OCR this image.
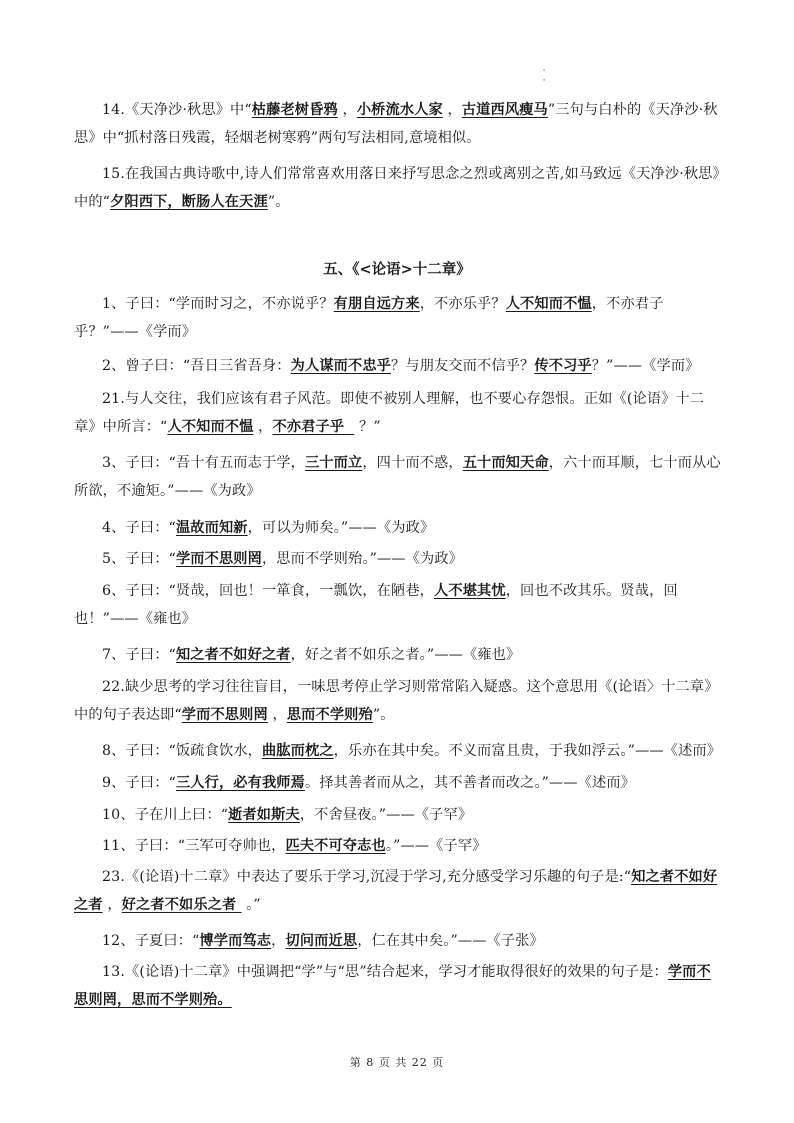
·
·

14.《天净沙·秋思》中“枯藤老树昏鸦 ，小桥流水人家 ，古道西风瘦马”三句与白朴的《天净沙·秋思》中“抓村落日残霞，轻烟老树寒鸦”两句写法相同,意境相似。

15.在我国古典诗歌中,诗人们常常喜欢用落日来抒写思念之烈或离别之苦,如马致远《天净沙·秋思》中的“夕阳西下，断肠人在天涯”。

五、《<论语>十二章》

1、子曰：“学而时习之，不亦说乎？有朋自远方来，不亦乐乎？人不知而不愠，不亦君子乎？”——《学而》

2、曾子曰：“吾日三省吾身：为人谋而不忠乎？与朋友交而不信乎？传不习乎？”——《学而》

21.与人交往，我们应该有君子风范。即使不被别人理解，也不要心存怨恨。正如《(论语》十二章》中所言：“人不知而不愠 ，不亦君子乎   ？”

3、子曰：“吾十有五而志于学，三十而立，四十而不惑，五十而知天命，六十而耳顺，七十而从心所欲，不逾矩。”——《为政》

4、子曰：“温故而知新，可以为师矣。”——《为政》

5、子曰：“学而不思则罔，思而不学则殆。”——《为政》

6、子曰：“贤哉，回也！一箪食，一瓢饮，在陋巷，人不堪其忧，回也不改其乐。贤哉，回也！”——《雍也》

7、子曰：“知之者不如好之者，好之者不如乐之者。”——《雍也》

22.缺少思考的学习往往盲目，一味思考停止学习则常常陷入疑惑。这个意思用《(论语〉十二章》中的句子表达即“学而不思则罔 ，思而不学则殆”。

8、子曰：“饭疏食饮水，曲肱而枕之，乐亦在其中矣。不义而富且贵，于我如浮云。”——《述而》

9、子曰：“三人行，必有我师焉。择其善者而从之，其不善者而改之。”——《述而》

10、子在川上曰：“逝者如斯夫，不舍昼夜。”——《子罕》

11、子曰：“三军可夺帅也，匹夫不可夺志也。”——《子罕》

23.《(论语)十二章》中表达了要乐于学习,沉浸于学习,充分感受学习乐趣的句子是:“知之者不如好之者 ，好之者不如乐之者  。”

12、子夏曰：“博学而笃志，切问而近思，仁在其中矣。”——《子张》

13.《(论语)十二章》中强调把“学”与“思”结合起来，学习才能取得很好的效果的句子是：学而不思则罔，思而不学则殆。

第 8 页 共 22 页
